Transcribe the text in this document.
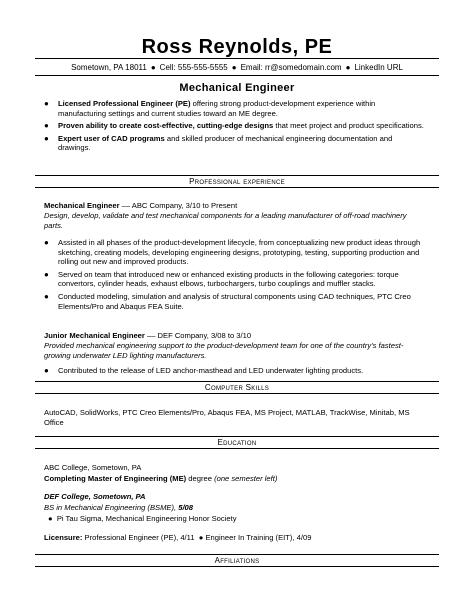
Ross Reynolds, PE
Sometown, PA 18011 ● Cell: 555-555-5555 ● Email: rr@somedomain.com ● LinkedIn URL
Mechanical Engineer
● Licensed Professional Engineer (PE) offering strong product-development experience within manufacturing settings and current studies toward an ME degree.
● Proven ability to create cost-effective, cutting-edge designs that meet project and product specifications.
● Expert user of CAD programs and skilled producer of mechanical engineering documentation and drawings.
Professional experience
Mechanical Engineer –– ABC Company, 3/10 to Present
Design, develop, validate and test mechanical components for a leading manufacturer of off-road machinery parts.
● Assisted in all phases of the product-development lifecycle, from conceptualizing new product ideas through sketching, creating models, developing engineering designs, prototyping, testing, supporting production and rolling out new and improved products.
● Served on team that introduced new or enhanced existing products in the following categories: torque convertors, cylinder heads, exhaust elbows, turbochargers, turbo couplings and muffler stacks.
● Conducted modeling, simulation and analysis of structural components using CAD techniques, PTC Creo Elements/Pro and Abaqus FEA Suite.
Junior Mechanical Engineer –– DEF Company, 3/08 to 3/10
Provided mechanical engineering support to the product-development team for one of the country's fastest-growing underwater LED lighting manufacturers.
● Contributed to the release of LED anchor-masthead and LED underwater lighting products.
Computer Skills
AutoCAD, SolidWorks, PTC Creo Elements/Pro, Abaqus FEA, MS Project, MATLAB, TrackWise, Minitab, MS Office
Education
ABC College, Sometown, PA
Completing Master of Engineering (ME) degree (one semester left)
DEF College, Sometown, PA
BS in Mechanical Engineering (BSME), 5/08
● Pi Tau Sigma, Mechanical Engineering Honor Society
Licensure: Professional Engineer (PE), 4/11 ● Engineer In Training (EIT), 4/09
Affiliations
